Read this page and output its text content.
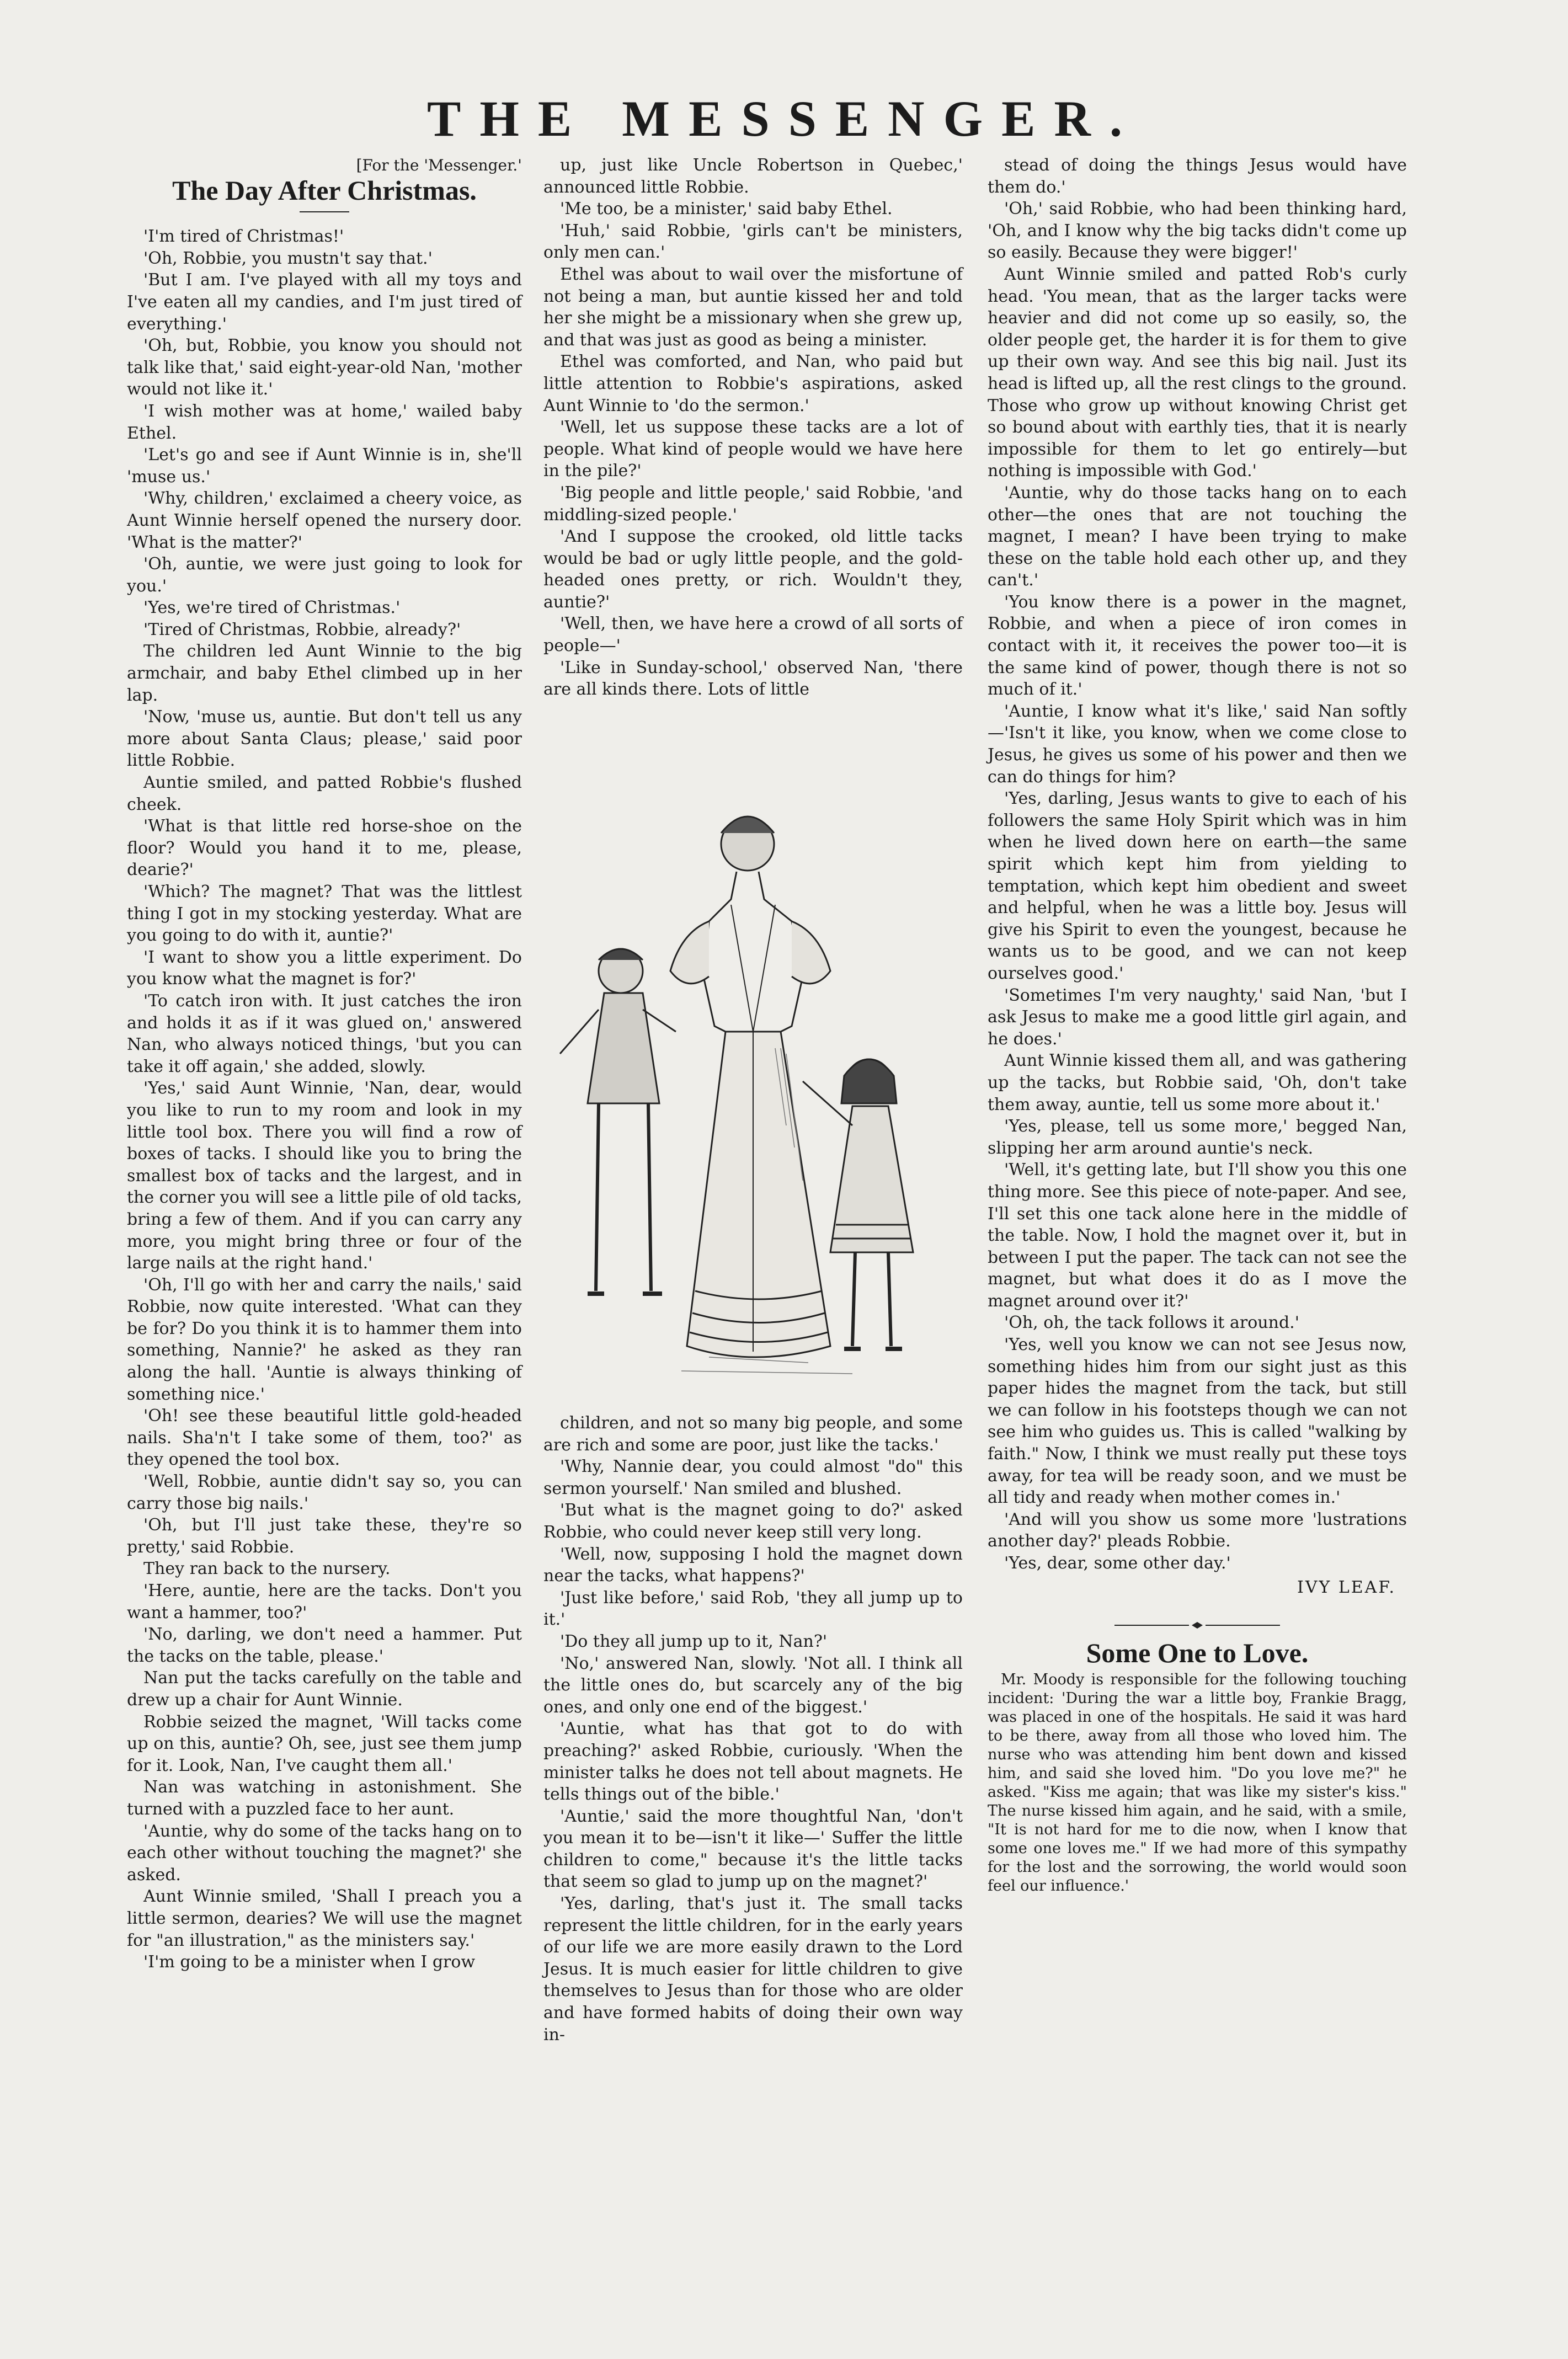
THE MESSENGER.
[For the 'Messenger.'
The Day After Christmas.

'I'm tired of Christmas!'

'Oh, Robbie, you mustn't say that.'

'But I am. I've played with all my toys and I've eaten all my candies, and I'm just tired of everything.'

'Oh, but, Robbie, you know you should not talk like that,' said eight-year-old Nan, 'mother would not like it.'

'I wish mother was at home,' wailed baby Ethel.

'Let's go and see if Aunt Winnie is in, she'll 'muse us.'

'Why, children,' exclaimed a cheery voice, as Aunt Winnie herself opened the nursery door. 'What is the matter?'

'Oh, auntie, we were just going to look for you.'

'Yes, we're tired of Christmas.'

'Tired of Christmas, Robbie, already?'

The children led Aunt Winnie to the big armchair, and baby Ethel climbed up in her lap.

'Now, 'muse us, auntie. But don't tell us any more about Santa Claus; please,' said poor little Robbie.

Auntie smiled, and patted Robbie's flushed cheek.

'What is that little red horse-shoe on the floor? Would you hand it to me, please, dearie?'

'Which? The magnet? That was the littlest thing I got in my stocking yesterday. What are you going to do with it, auntie?'

'I want to show you a little experiment. Do you know what the magnet is for?'

'To catch iron with. It just catches the iron and holds it as if it was glued on,' answered Nan, who always noticed things, 'but you can take it off again,' she added, slowly.

'Yes,' said Aunt Winnie, 'Nan, dear, would you like to run to my room and look in my little tool box. There you will find a row of boxes of tacks. I should like you to bring the smallest box of tacks and the largest, and in the corner you will see a little pile of old tacks, bring a few of them. And if you can carry any more, you might bring three or four of the large nails at the right hand.'

'Oh, I'll go with her and carry the nails,' said Robbie, now quite interested. 'What can they be for? Do you think it is to hammer them into something, Nannie?' he asked as they ran along the hall. 'Auntie is always thinking of something nice.'

'Oh! see these beautiful little gold-headed nails. Sha'n't I take some of them, too?' as they opened the tool box.

'Well, Robbie, auntie didn't say so, you can carry those big nails.'

'Oh, but I'll just take these, they're so pretty,' said Robbie.

They ran back to the nursery.

'Here, auntie, here are the tacks. Don't you want a hammer, too?'

'No, darling, we don't need a hammer. Put the tacks on the table, please.'

Nan put the tacks carefully on the table and drew up a chair for Aunt Winnie.

Robbie seized the magnet, 'Will tacks come up on this, auntie? Oh, see, just see them jump for it. Look, Nan, I've caught them all.'

Nan was watching in astonishment. She turned with a puzzled face to her aunt.

'Auntie, why do some of the tacks hang on to each other without touching the magnet?' she asked.

Aunt Winnie smiled, 'Shall I preach you a little sermon, dearies? We will use the magnet for "an illustration," as the ministers say.'

'I'm going to be a minister when I grow

up, just like Uncle Robertson in Quebec,' announced little Robbie.

'Me too, be a minister,' said baby Ethel.

'Huh,' said Robbie, 'girls can't be ministers, only men can.'

Ethel was about to wail over the misfortune of not being a man, but auntie kissed her and told her she might be a missionary when she grew up, and that was just as good as being a minister.

Ethel was comforted, and Nan, who paid but little attention to Robbie's aspirations, asked Aunt Winnie to 'do the sermon.'

'Well, let us suppose these tacks are a lot of people. What kind of people would we have here in the pile?'

'Big people and little people,' said Robbie, 'and middling-sized people.'

'And I suppose the crooked, old little tacks would be bad or ugly little people, and the gold-headed ones pretty, or rich. Wouldn't they, auntie?'

'Well, then, we have here a crowd of all sorts of people—'

'Like in Sunday-school,' observed Nan, 'there are all kinds there. Lots of little

children, and not so many big people, and some are rich and some are poor, just like the tacks.'

'Why, Nannie dear, you could almost "do" this sermon yourself.' Nan smiled and blushed.

'But what is the magnet going to do?' asked Robbie, who could never keep still very long.

'Well, now, supposing I hold the magnet down near the tacks, what happens?'

'Just like before,' said Rob, 'they all jump up to it.'

'Do they all jump up to it, Nan?'

'No,' answered Nan, slowly. 'Not all. I think all the little ones do, but scarcely any of the big ones, and only one end of the biggest.'

'Auntie, what has that got to do with preaching?' asked Robbie, curiously. 'When the minister talks he does not tell about magnets. He tells things out of the bible.'

'Auntie,' said the more thoughtful Nan, 'don't you mean it to be—isn't it like—' Suffer the little children to come," because it's the little tacks that seem so glad to jump up on the magnet?'

'Yes, darling, that's just it. The small tacks represent the little children, for in the early years of our life we are more easily drawn to the Lord Jesus. It is much easier for little children to give themselves to Jesus than for those who are older and have formed habits of doing their own way in-

stead of doing the things Jesus would have them do.'

'Oh,' said Robbie, who had been thinking hard, 'Oh, and I know why the big tacks didn't come up so easily. Because they were bigger!'

Aunt Winnie smiled and patted Rob's curly head. 'You mean, that as the larger tacks were heavier and did not come up so easily, so, the older people get, the harder it is for them to give up their own way. And see this big nail. Just its head is lifted up, all the rest clings to the ground. Those who grow up without knowing Christ get so bound about with earthly ties, that it is nearly impossible for them to let go entirely—but nothing is impossible with God.'

'Auntie, why do those tacks hang on to each other—the ones that are not touching the magnet, I mean? I have been trying to make these on the table hold each other up, and they can't.'

'You know there is a power in the magnet, Robbie, and when a piece of iron comes in contact with it, it receives the power too—it is the same kind of power, though there is not so much of it.'

'Auntie, I know what it's like,' said Nan softly—'Isn't it like, you know, when we come close to Jesus, he gives us some of his power and then we can do things for him?

'Yes, darling, Jesus wants to give to each of his followers the same Holy Spirit which was in him when he lived down here on earth—the same spirit which kept him from yielding to temptation, which kept him obedient and sweet and helpful, when he was a little boy. Jesus will give his Spirit to even the youngest, because he wants us to be good, and we can not keep ourselves good.'

'Sometimes I'm very naughty,' said Nan, 'but I ask Jesus to make me a good little girl again, and he does.'

Aunt Winnie kissed them all, and was gathering up the tacks, but Robbie said, 'Oh, don't take them away, auntie, tell us some more about it.'

'Yes, please, tell us some more,' begged Nan, slipping her arm around auntie's neck.

'Well, it's getting late, but I'll show you this one thing more. See this piece of note-paper. And see, I'll set this one tack alone here in the middle of the table. Now, I hold the magnet over it, but in between I put the paper. The tack can not see the magnet, but what does it do as I move the magnet around over it?'

'Oh, oh, the tack follows it around.'

'Yes, well you know we can not see Jesus now, something hides him from our sight just as this paper hides the magnet from the tack, but still we can follow in his footsteps though we can not see him who guides us. This is called "walking by faith." Now, I think we must really put these toys away, for tea will be ready soon, and we must be all tidy and ready when mother comes in.'

'And will you show us some more 'lustrations another day?' pleads Robbie.

'Yes, dear, some other day.'

IVY LEAF.
Some One to Love.

Mr. Moody is responsible for the following touching incident: 'During the war a little boy, Frankie Bragg, was placed in one of the hospitals. He said it was hard to be there, away from all those who loved him. The nurse who was attending him bent down and kissed him, and said she loved him. "Do you love me?" he asked. "Kiss me again; that was like my sister's kiss." The nurse kissed him again, and he said, with a smile, "It is not hard for me to die now, when I know that some one loves me." If we had more of this sympathy for the lost and the sorrowing, the world would soon feel our influence.'
